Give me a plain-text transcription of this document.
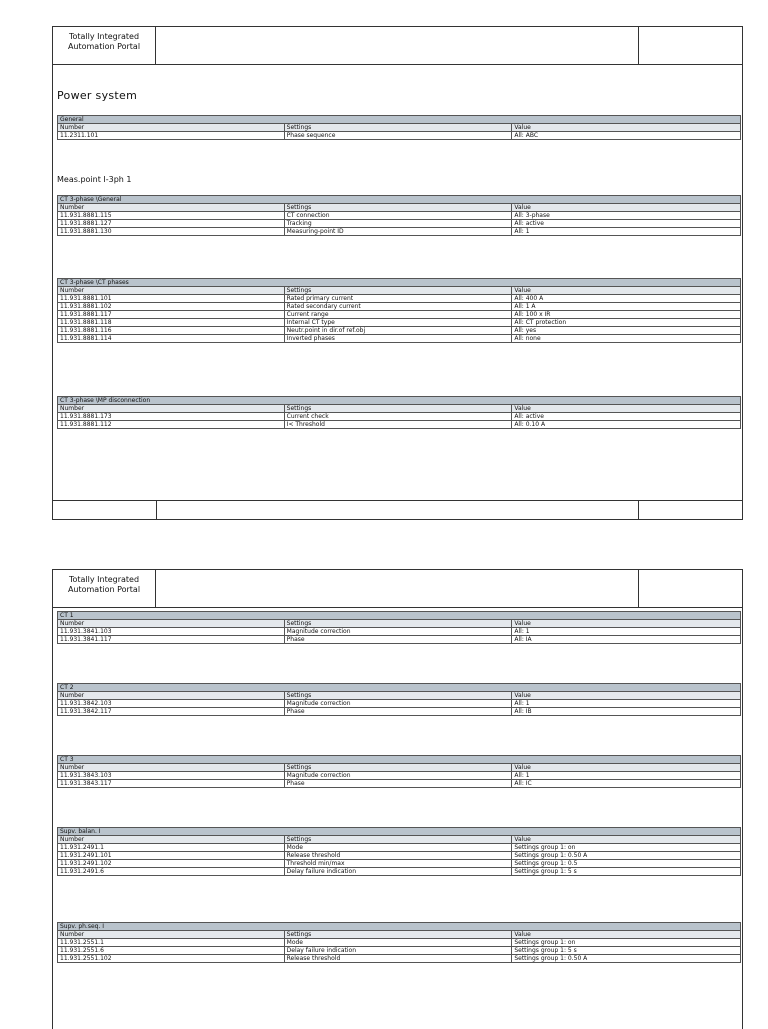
Totally Integrated
Automation Portal
Power system
General		
Number	Settings	Value
11.2311.101	Phase sequence	All: ABC
Meas.point I-3ph 1
CT 3-phase \General		
Number	Settings	Value
11.931.8881.115	CT connection	All: 3-phase
11.931.8881.127	Tracking	All: active
11.931.8881.130	Measuring-point ID	All: 1
CT 3-phase \CT phases		
Number	Settings	Value
11.931.8881.101	Rated primary current	All: 400 A
11.931.8881.102	Rated secondary current	All: 1 A
11.931.8881.117	Current range	All: 100 x IR
11.931.8881.118	Internal CT type	All: CT protection
11.931.8881.116	Neutr.point in dir.of ref.obj	All: yes
11.931.8881.114	Inverted phases	All: none
CT 3-phase \MP disconnection		
Number	Settings	Value
11.931.8881.173	Current check	All: active
11.931.8881.112	I< Threshold	All: 0.10 A
Totally Integrated
Automation Portal
CT 1		
Number	Settings	Value
11.931.3841.103	Magnitude correction	All: 1
11.931.3841.117	Phase	All: IA
CT 2		
Number	Settings	Value
11.931.3842.103	Magnitude correction	All: 1
11.931.3842.117	Phase	All: IB
CT 3		
Number	Settings	Value
11.931.3843.103	Magnitude correction	All: 1
11.931.3843.117	Phase	All: IC
Supv. balan. I		
Number	Settings	Value
11.931.2491.1	Mode	Settings group 1: on
11.931.2491.101	Release threshold	Settings group 1: 0.50 A
11.931.2491.102	Threshold min/max	Settings group 1: 0.5
11.931.2491.6	Delay failure indication	Settings group 1: 5 s
Supv. ph.seq. I		
Number	Settings	Value
11.931.2551.1	Mode	Settings group 1: on
11.931.2551.6	Delay failure indication	Settings group 1: 5 s
11.931.2551.102	Release threshold	Settings group 1: 0.50 A
